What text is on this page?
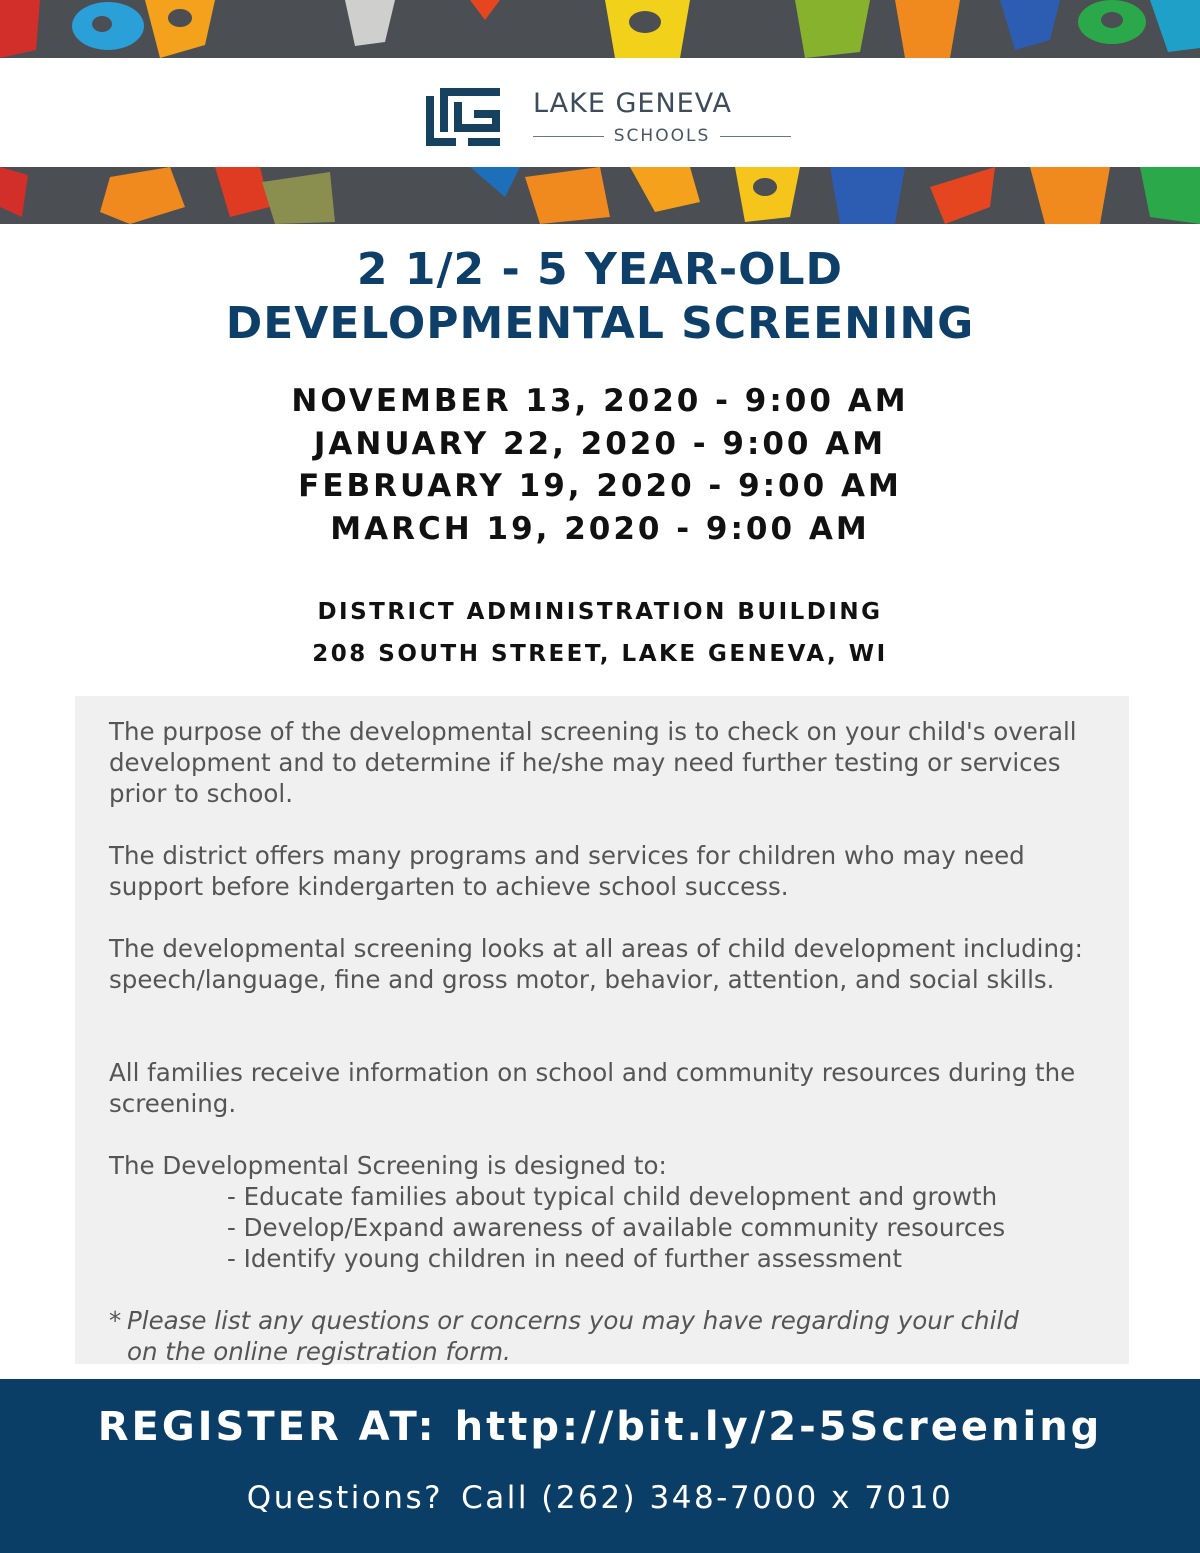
LAKE GENEVA
SCHOOLS
2 1/2 - 5 YEAR-OLD
DEVELOPMENTAL SCREENING
NOVEMBER 13, 2020 - 9:00 AM
JANUARY 22, 2020 - 9:00 AM
FEBRUARY 19, 2020 - 9:00 AM
MARCH 19, 2020 - 9:00 AM
DISTRICT ADMINISTRATION BUILDING
208 SOUTH STREET, LAKE GENEVA, WI

The purpose of the developmental screening is to check on your child's overall development and to determine if he/she may need further testing or services prior to school.

The district offers many programs and services for children who may need support before kindergarten to achieve school success.

The developmental screening looks at all areas of child development including: speech/language, fine and gross motor, behavior, attention, and social skills.

All families receive information on school and community resources during the screening.

The Developmental Screening is designed to:

- Educate families about typical child development and growth
- Develop/Expand awareness of available community resources
- Identify young children in need of further assessment

* Please list any questions or concerns you may have regarding your child on the online registration form.

REGISTER AT: http://bit.ly/2-5Screening
Questions? Call (262) 348-7000 x 7010
